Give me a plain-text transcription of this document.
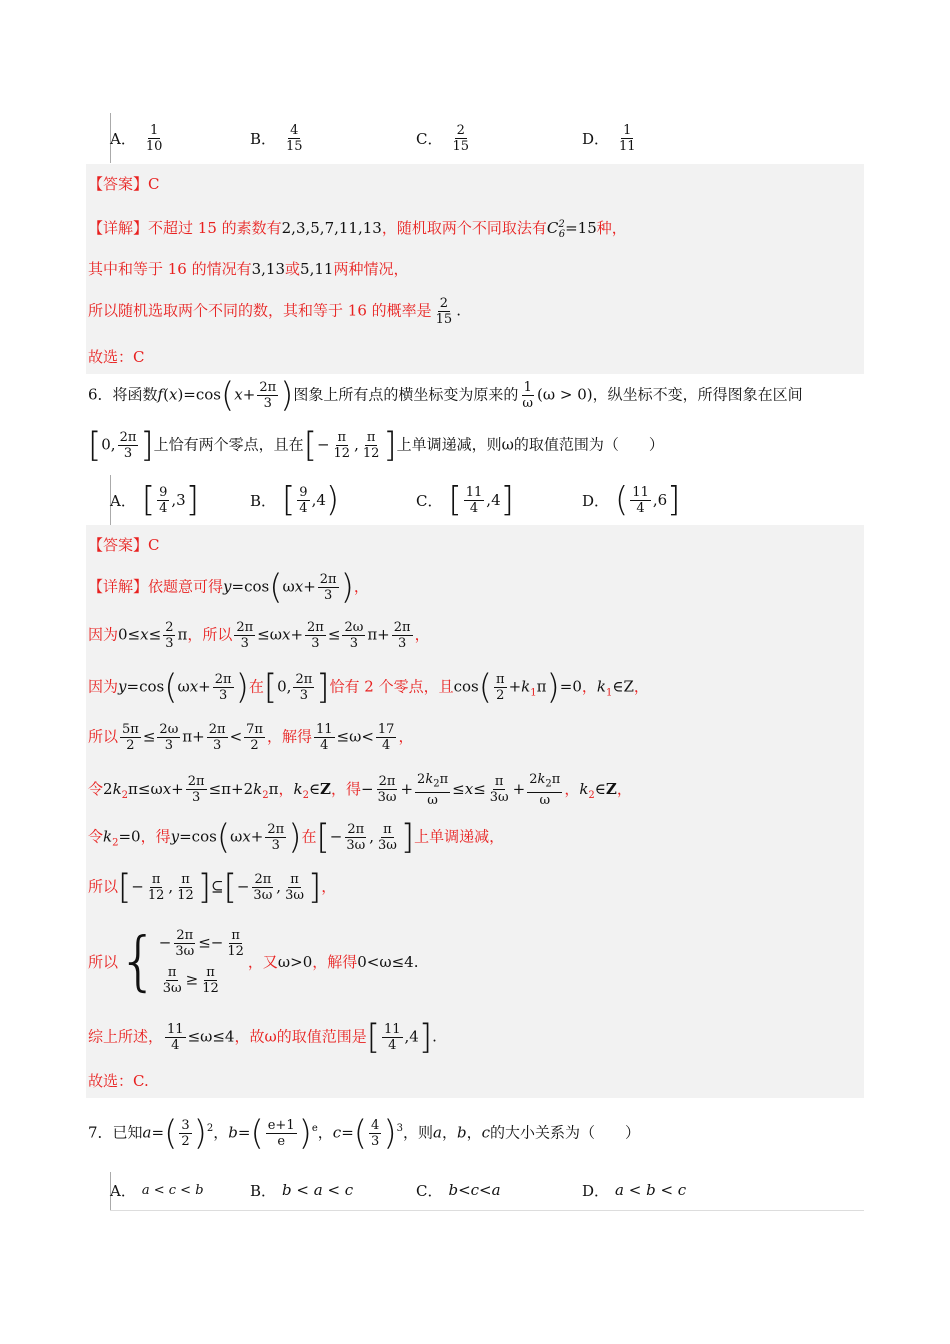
A． $\frac{1}{10}$	B． $\frac{4}{15}$	C． $\frac{2}{15}$	D． $\frac{1}{11}$
【答案】C
【详解】不超过 15 的素数有2,3,5,7,11,13，随机取两个不同取法有$C^2_6=15$种，
其中和等于 16 的情况有3,13或5,11两种情况，
所以随机选取两个不同的数，其和等于 16 的概率是 $\frac{2}{15}$ .
故选：C
6．将函数$f(x)=\cos(x+ \frac{2\pi}{3}$ )图象上所有点的横坐标变为原来的 $\frac{1}{\omega} (\omega > 0)$，纵坐标不变，所得图象在区间
[0, $\frac{2\pi}{3}$ ]上恰有两个零点，且在[− $\frac{\pi}{12}$ , $\frac{\pi}{12}$ ]上单调递减，则ω的取值范围为（　　）
A． [ $\frac{9}{4} ,3$ ]	B． [ $\frac{9}{4} ,4$ )	C． [ $\frac{11}{4} ,4$ ]	D． ( $\frac{11}{4} ,6$ ]
【答案】C
【详解】依题意可得$y=\cos(\omega x+ \frac{2\pi}{3}$ )，
因为$0\le x\le \frac{2}{3}$ π，所以 $\frac{2\pi}{3} \le\omega x+ \frac{2\pi}{3} \le \frac{2\omega}{3} \pi+ \frac{2\pi}{3}$ ，
因为$y=\cos(\omega x+ \frac{2\pi}{3}$ )在[0, $\frac{2\pi}{3}$ ]恰有 2 个零点，且$\cos( \frac{\pi}{2} +k_1\pi)=0$，$k_1\in Z$，
所以 $\frac{5\pi}{2} \le \frac{2\omega}{3} \pi+ \frac{2\pi}{3} < \frac{7\pi}{2}$ ，解得 $\frac{11}{4} \le\omega< \frac{17}{4}$ ，
令$2k_2\pi\le\omega x+ \frac{2\pi}{3} \le\pi+2k_2\pi$，$k_2\in Z$，得− $\frac{2\pi}{3\omega} + \frac{2k_2\pi}{\omega} \le x\le \frac{\pi}{3\omega} + \frac{2k_2\pi}{\omega}$ ，$k_2\in Z$，
令$k_2=0$，得$y=\cos(\omega x+ \frac{2\pi}{3}$ )在[− $\frac{2\pi}{3\omega}$ , $\frac{\pi}{3\omega}$ ]上单调递减，
所以[− $\frac{\pi}{12}$ , $\frac{\pi}{12}$ ]⊆[− $\frac{2\pi}{3\omega}$ , $\frac{\pi}{3\omega}$ ]，
所以 { − $\frac{2\pi}{3\omega} \le- \frac{\pi}{12}$
$\frac{\pi}{3\omega} \ge \frac{\pi}{12}$
，又 ω>0 ，解得 0<ω≤4.
综上所述， $\frac{11}{4} \le\omega\le 4$，故ω的取值范围是[ $\frac{11}{4} ,4$].
故选：C.
7．已知$a=( \frac{3}{2} )^2$，$b=( \frac{e+1}{e} )^e$，$c=( \frac{4}{3} )^3$，则a，b，c的大小关系为（　　）
A． a < c < b	B． b < a < c	C． b<c<a	D． a < b < c
